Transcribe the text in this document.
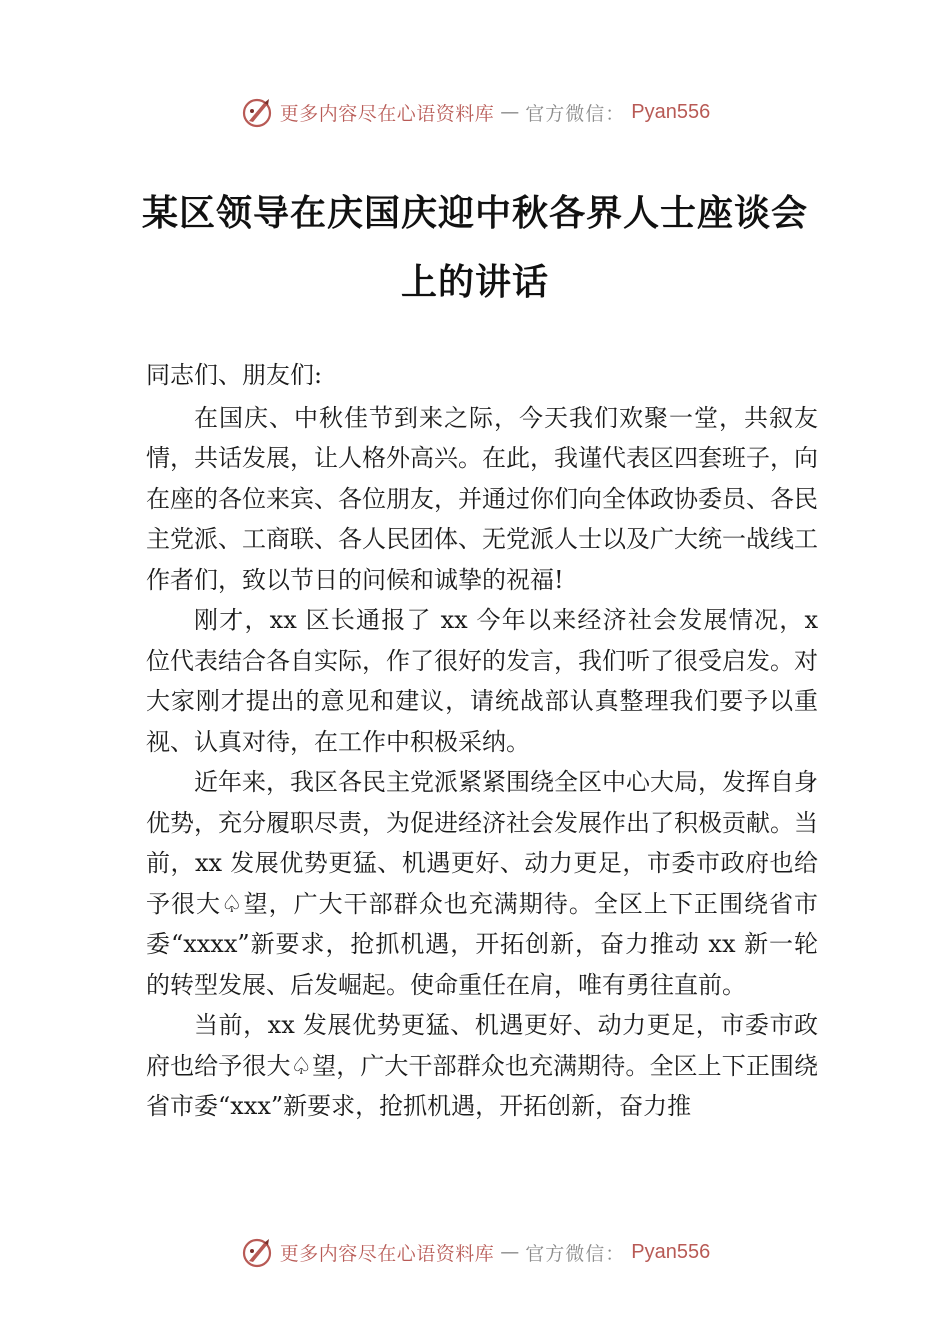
更多内容尽在心语资料库 — 官方微信： Pyan556
某区领导在庆国庆迎中秋各界人士座谈会
上的讲话

同志们、朋友们:

在国庆、中秋佳节到来之际，今天我们欢聚一堂，共叙友情，共话发展，让人格外高兴。在此，我谨代表区四套班子，向在座的各位来宾、各位朋友，并通过你们向全体政协委员、各民主党派、工商联、各人民团体、无党派人士以及广大统一战线工作者们，致以节日的问候和诚挚的祝福!

刚才，xx 区长通报了 xx 今年以来经济社会发展情况，x 位代表结合各自实际，作了很好的发言，我们听了很受启发。对大家刚才提出的意见和建议，请统战部认真整理我们要予以重视、认真对待，在工作中积极采纳。

近年来，我区各民主党派紧紧围绕全区中心大局，发挥自身优势，充分履职尽责，为促进经济社会发展作出了积极贡献。当前，xx 发展优势更猛、机遇更好、动力更足，市委市政府也给予很大♤望，广大干部群众也充满期待。全区上下正围绕省市委“xxxx”新要求，抢抓机遇，开拓创新，奋力推动 xx 新一轮的转型发展、后发崛起。使命重任在肩，唯有勇往直前。

当前，xx 发展优势更猛、机遇更好、动力更足，市委市政府也给予很大♤望，广大干部群众也充满期待。全区上下正围绕省市委“xxx”新要求，抢抓机遇，开拓创新，奋力推

更多内容尽在心语资料库 — 官方微信： Pyan556
